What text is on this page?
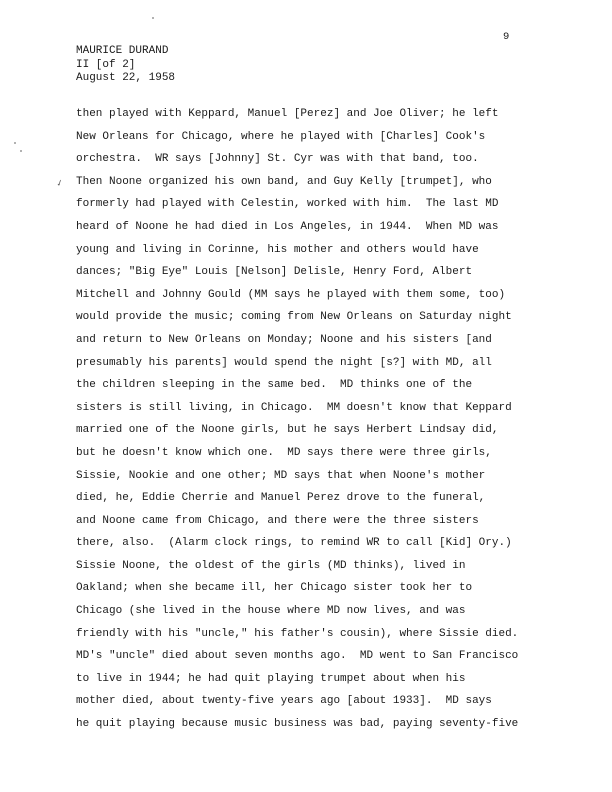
9
MAURICE DURAND
II [of 2]
August 22, 1958
✓
then played with Keppard, Manuel [Perez] and Joe Oliver; he left
New Orleans for Chicago, where he played with [Charles] Cook's
orchestra.  WR says [Johnny] St. Cyr was with that band, too.
Then Noone organized his own band, and Guy Kelly [trumpet], who
formerly had played with Celestin, worked with him.  The last MD
heard of Noone he had died in Los Angeles, in 1944.  When MD was
young and living in Corinne, his mother and others would have
dances; "Big Eye" Louis [Nelson] Delisle, Henry Ford, Albert
Mitchell and Johnny Gould (MM says he played with them some, too)
would provide the music; coming from New Orleans on Saturday night
and return to New Orleans on Monday; Noone and his sisters [and
presumably his parents] would spend the night [s?] with MD, all
the children sleeping in the same bed.  MD thinks one of the
sisters is still living, in Chicago.  MM doesn't know that Keppard
married one of the Noone girls, but he says Herbert Lindsay did,
but he doesn't know which one.  MD says there were three girls,
Sissie, Nookie and one other; MD says that when Noone's mother
died, he, Eddie Cherrie and Manuel Perez drove to the funeral,
and Noone came from Chicago, and there were the three sisters
there, also.  (Alarm clock rings, to remind WR to call [Kid] Ory.)
Sissie Noone, the oldest of the girls (MD thinks), lived in
Oakland; when she became ill, her Chicago sister took her to
Chicago (she lived in the house where MD now lives, and was
friendly with his "uncle," his father's cousin), where Sissie died.
MD's "uncle" died about seven months ago.  MD went to San Francisco
to live in 1944; he had quit playing trumpet about when his
mother died, about twenty-five years ago [about 1933].  MD says
he quit playing because music business was bad, paying seventy-five
